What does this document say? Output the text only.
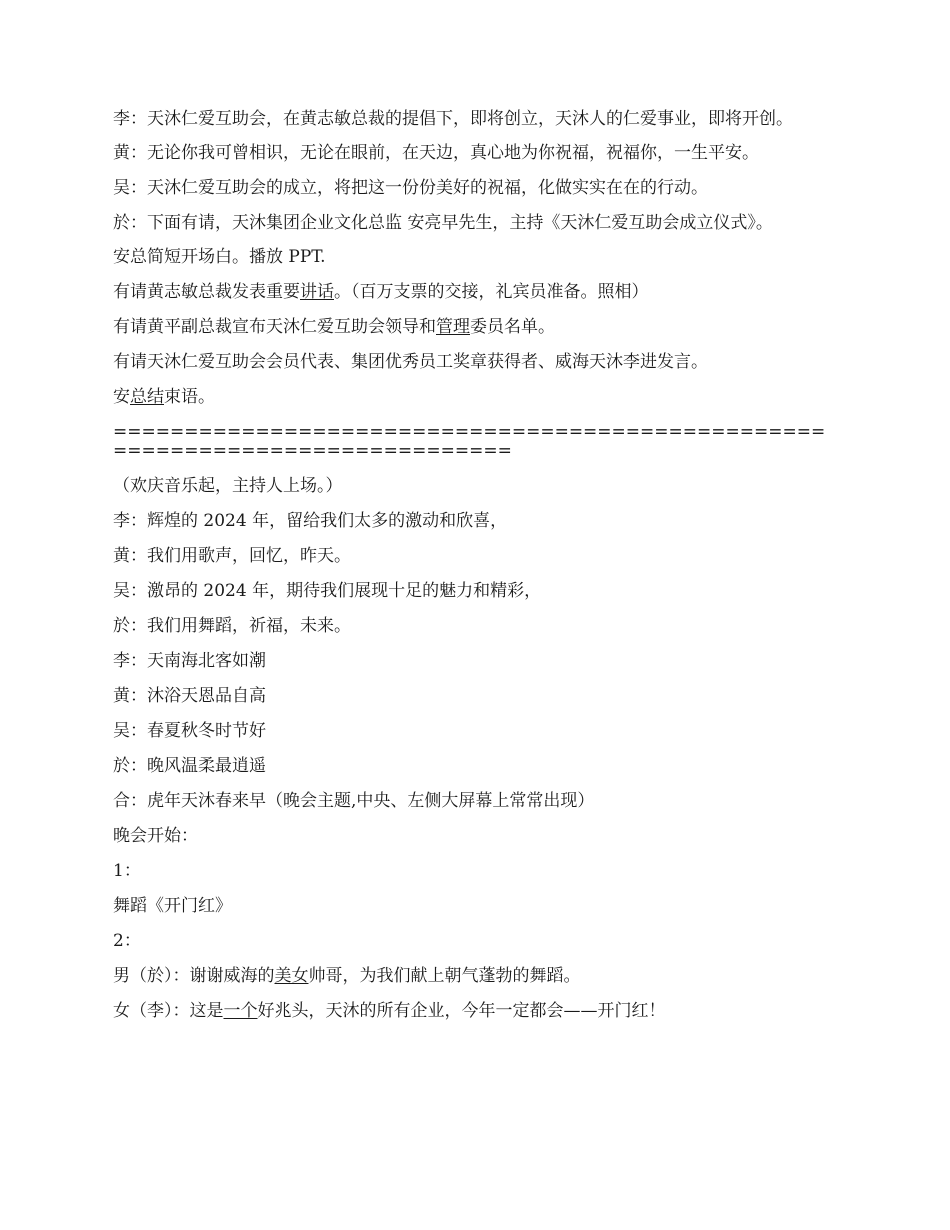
李：天沐仁爱互助会，在黄志敏总裁的提倡下，即将创立，天沐人的仁爱事业，即将开创。

黄：无论你我可曾相识，无论在眼前，在天边，真心地为你祝福，祝福你，一生平安。

吴：天沐仁爱互助会的成立，将把这一份份美好的祝福，化做实实在在的行动。

於：下面有请，天沐集团企业文化总监 安亮早先生，主持《天沐仁爱互助会成立仪式》。

安总简短开场白。播放 PPT.

有请黄志敏总裁发表重要讲话。（百万支票的交接，礼宾员准备。照相）

有请黄平副总裁宣布天沐仁爱互助会领导和管理委员名单。

有请天沐仁爱互助会会员代表、集团优秀员工奖章获得者、威海天沐李进发言。

安总结束语。

==============================================================================

（欢庆音乐起，主持人上场。）

李：辉煌的 2024 年，留给我们太多的激动和欣喜，

黄：我们用歌声，回忆，昨天。

吴：激昂的 2024 年，期待我们展现十足的魅力和精彩，

於：我们用舞蹈，祈福，未来。

李：天南海北客如潮

黄：沐浴天恩品自高

吴：春夏秋冬时节好

於：晚风温柔最逍遥

合：虎年天沐春来早（晚会主题,中央、左侧大屏幕上常常出现）

晚会开始：

1：

舞蹈《开门红》

2：

男（於）：谢谢威海的美女帅哥，为我们献上朝气蓬勃的舞蹈。

女（李）：这是一个好兆头，天沐的所有企业，今年一定都会——开门红！
